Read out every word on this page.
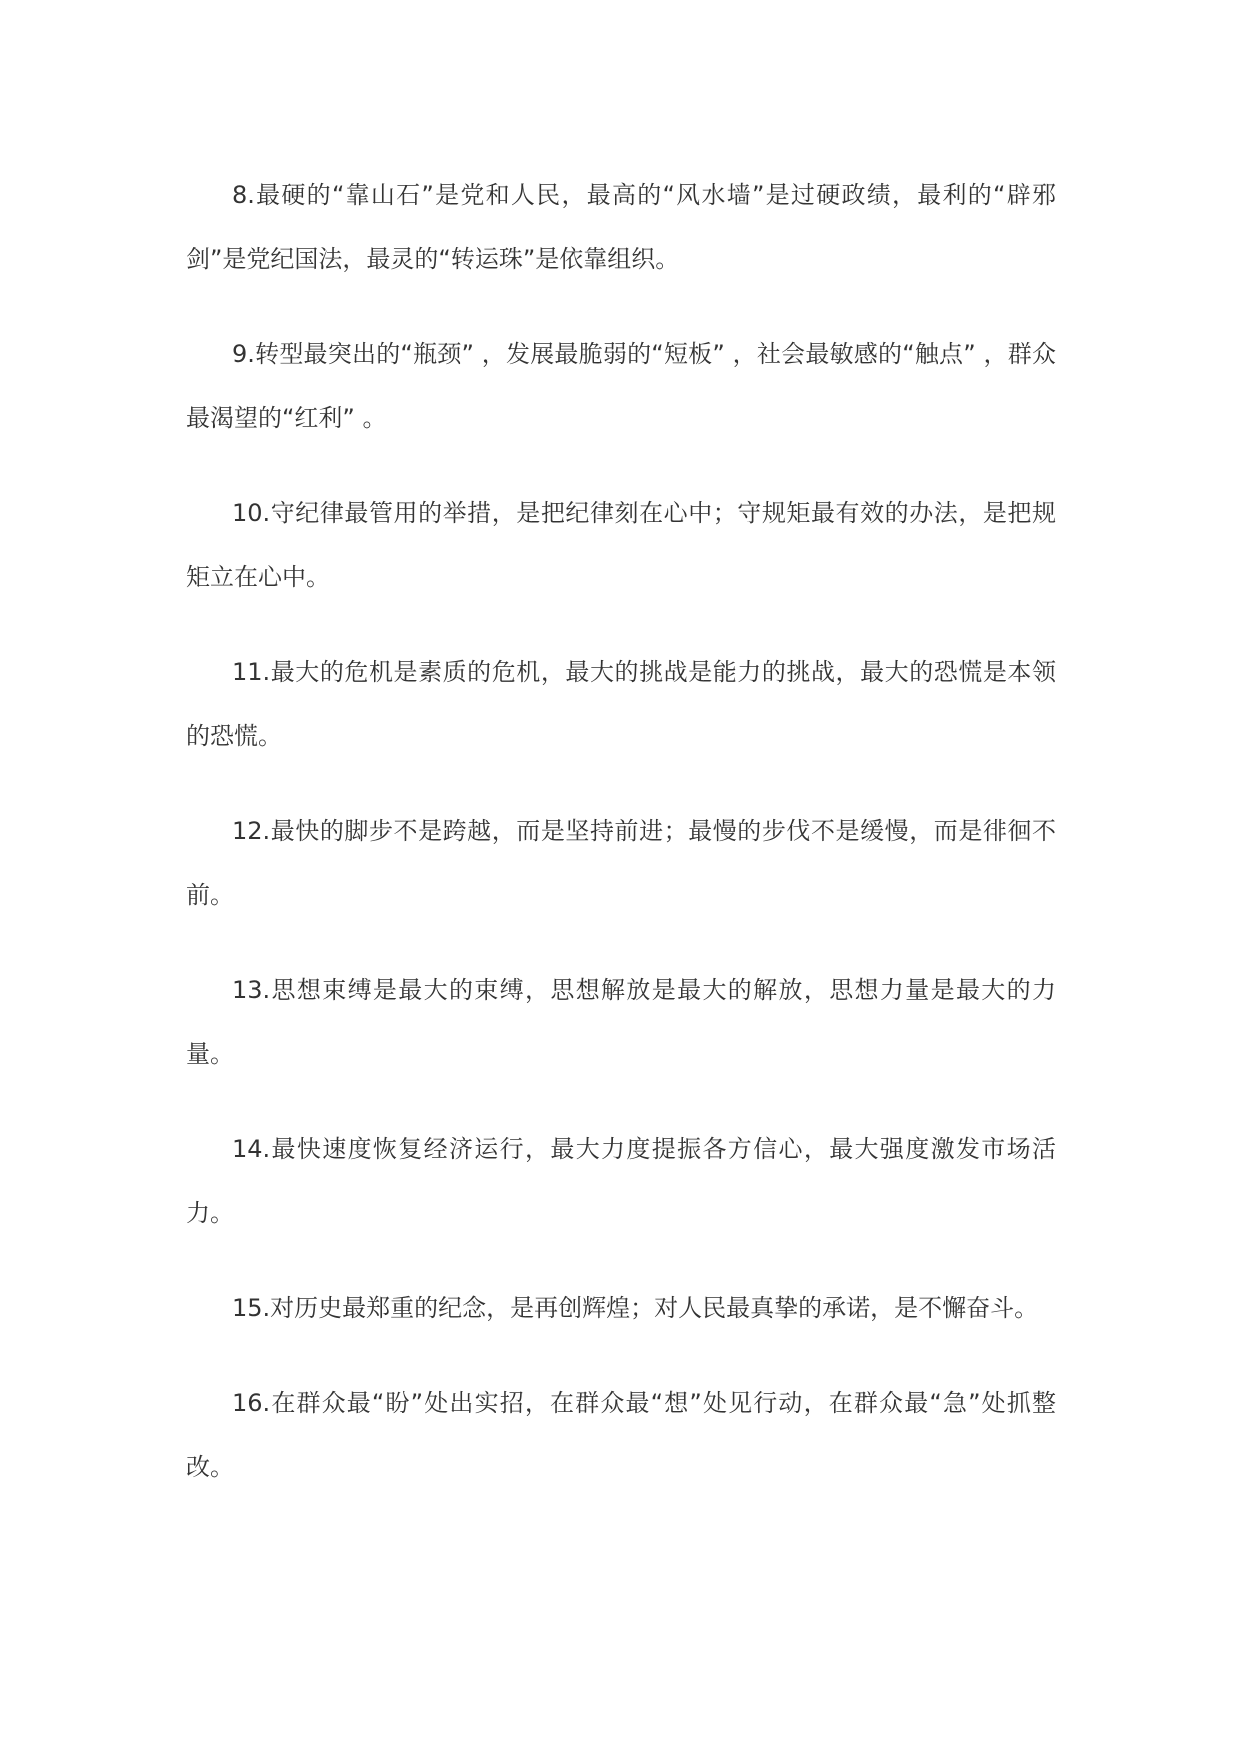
8.最硬的“靠山石”是党和人民，最高的“风水墙”是过硬政绩，最利的“辟邪剑”是党纪国法，最灵的“转运珠”是依靠组织。

9.转型最突出的“瓶颈” ，发展最脆弱的“短板” ，社会最敏感的“触点” ，群众最渴望的“红利” 。

10.守纪律最管用的举措，是把纪律刻在心中；守规矩最有效的办法，是把规矩立在心中。

11.最大的危机是素质的危机，最大的挑战是能力的挑战，最大的恐慌是本领的恐慌。

12.最快的脚步不是跨越，而是坚持前进；最慢的步伐不是缓慢，而是徘徊不前。

13.思想束缚是最大的束缚，思想解放是最大的解放，思想力量是最大的力量。

14.最快速度恢复经济运行，最大力度提振各方信心，最大强度激发市场活力。

15.对历史最郑重的纪念，是再创辉煌；对人民最真挚的承诺，是不懈奋斗。

16.在群众最“盼”处出实招，在群众最“想”处见行动，在群众最“急”处抓整改。
